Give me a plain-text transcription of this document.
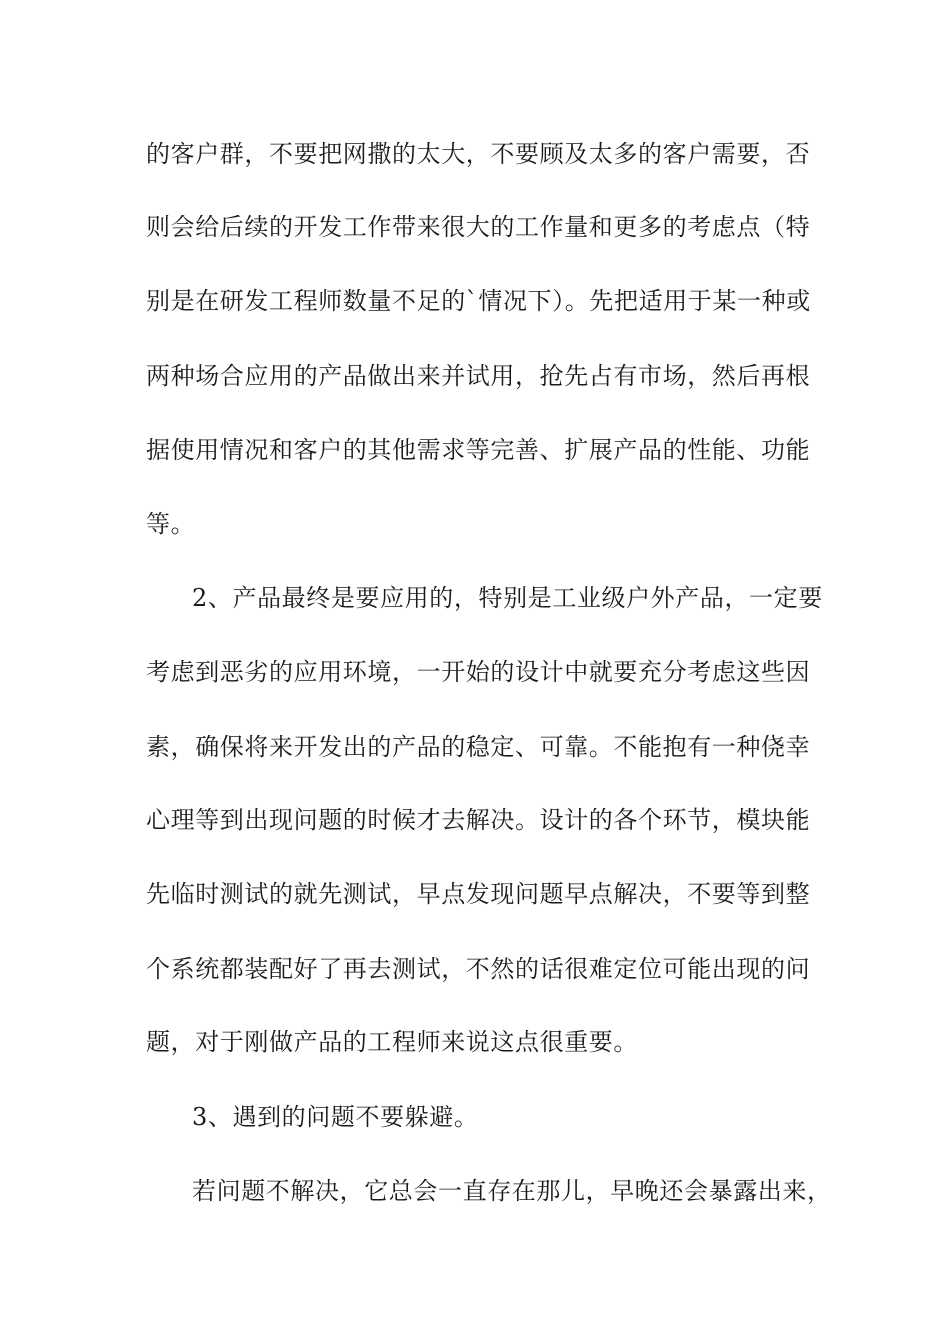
的客户群，不要把网撒的太大，不要顾及太多的客户需要，否
则会给后续的开发工作带来很大的工作量和更多的考虑点（特
别是在研发工程师数量不足的`情况下）。先把适用于某一种或
两种场合应用的产品做出来并试用，抢先占有市场，然后再根
据使用情况和客户的其他需求等完善、扩展产品的性能、功能
等。
2、产品最终是要应用的，特别是工业级户外产品，一定要
考虑到恶劣的应用环境，一开始的设计中就要充分考虑这些因
素，确保将来开发出的产品的稳定、可靠。不能抱有一种侥幸
心理等到出现问题的时候才去解决。设计的各个环节，模块能
先临时测试的就先测试，早点发现问题早点解决，不要等到整
个系统都装配好了再去测试，不然的话很难定位可能出现的问
题，对于刚做产品的工程师来说这点很重要。
3、遇到的问题不要躲避。
若问题不解决，它总会一直存在那儿，早晚还会暴露出来，
